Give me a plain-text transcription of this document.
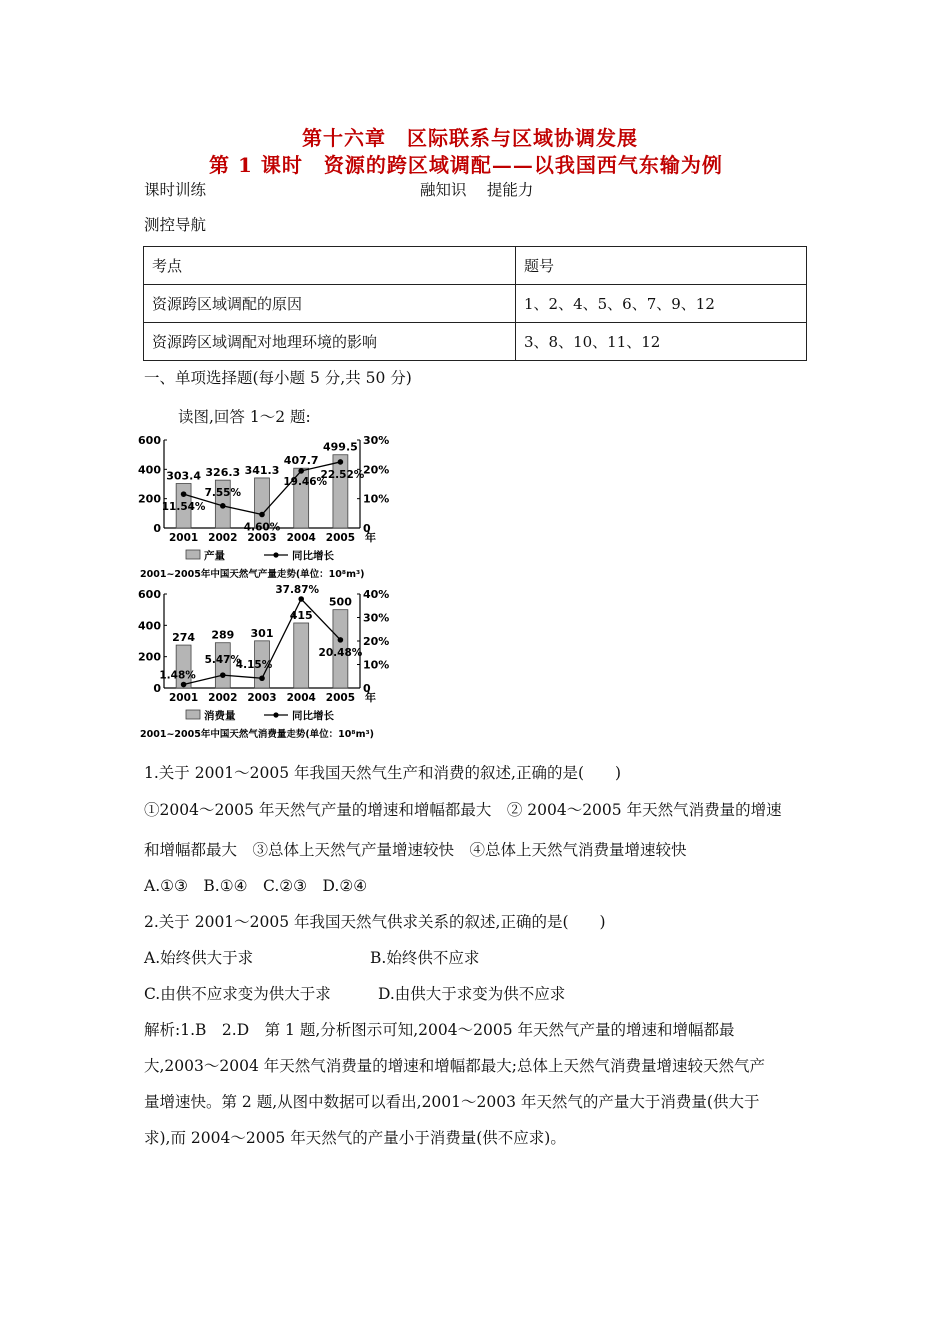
第十六章　区际联系与区域协调发展
第 1 课时　资源的跨区域调配——以我国西气东输为例
课时训练	融知识　 提能力
测控导航
考点	题号
资源跨区域调配的原因	1、2、4、5、6、7、9、12
资源跨区域调配对地理环境的影响	3、8、10、11、12
一、单项选择题(每小题 5 分,共 50 分)
读图,回答 1～2 题:
600
400
200
0
30%
20%
10%
0
303.4
2001
326.3
2002
341.3
2003
407.7
2004
499.5
2005 年
11.54%
7.55%
4.60%
19.46%
22.52%
产量	同比增长
2001~2005年中国天然气产量走势(单位：10⁸m³)
600
400
200
0
40%
30%
20%
10%
0
274
2001
289
2002
301
2003
415
2004
500
2005 年
1.48%
5.47%
4.15%
37.87%
20.48%
消费量	同比增长
2001~2005年中国天然气消费量走势(单位：10⁸m³)
1.关于 2001～2005 年我国天然气生产和消费的叙述,正确的是(　　)
①2004～2005 年天然气产量的增速和增幅都最大　② 2004～2005 年天然气消费量的增速
和增幅都最大　③总体上天然气产量增速较快　④总体上天然气消费量增速较快
A.①③　B.①④　C.②③　D.②④
2.关于 2001～2005 年我国天然气供求关系的叙述,正确的是(　　)
A.始终供大于求	B.始终供不应求
C.由供不应求变为供大于求	D.由供大于求变为供不应求
解析:1.B　2.D　第 1 题,分析图示可知,2004～2005 年天然气产量的增速和增幅都最
大,2003～2004 年天然气消费量的增速和增幅都最大;总体上天然气消费量增速较天然气产
量增速快。第 2 题,从图中数据可以看出,2001～2003 年天然气的产量大于消费量(供大于
求),而 2004～2005 年天然气的产量小于消费量(供不应求)。
